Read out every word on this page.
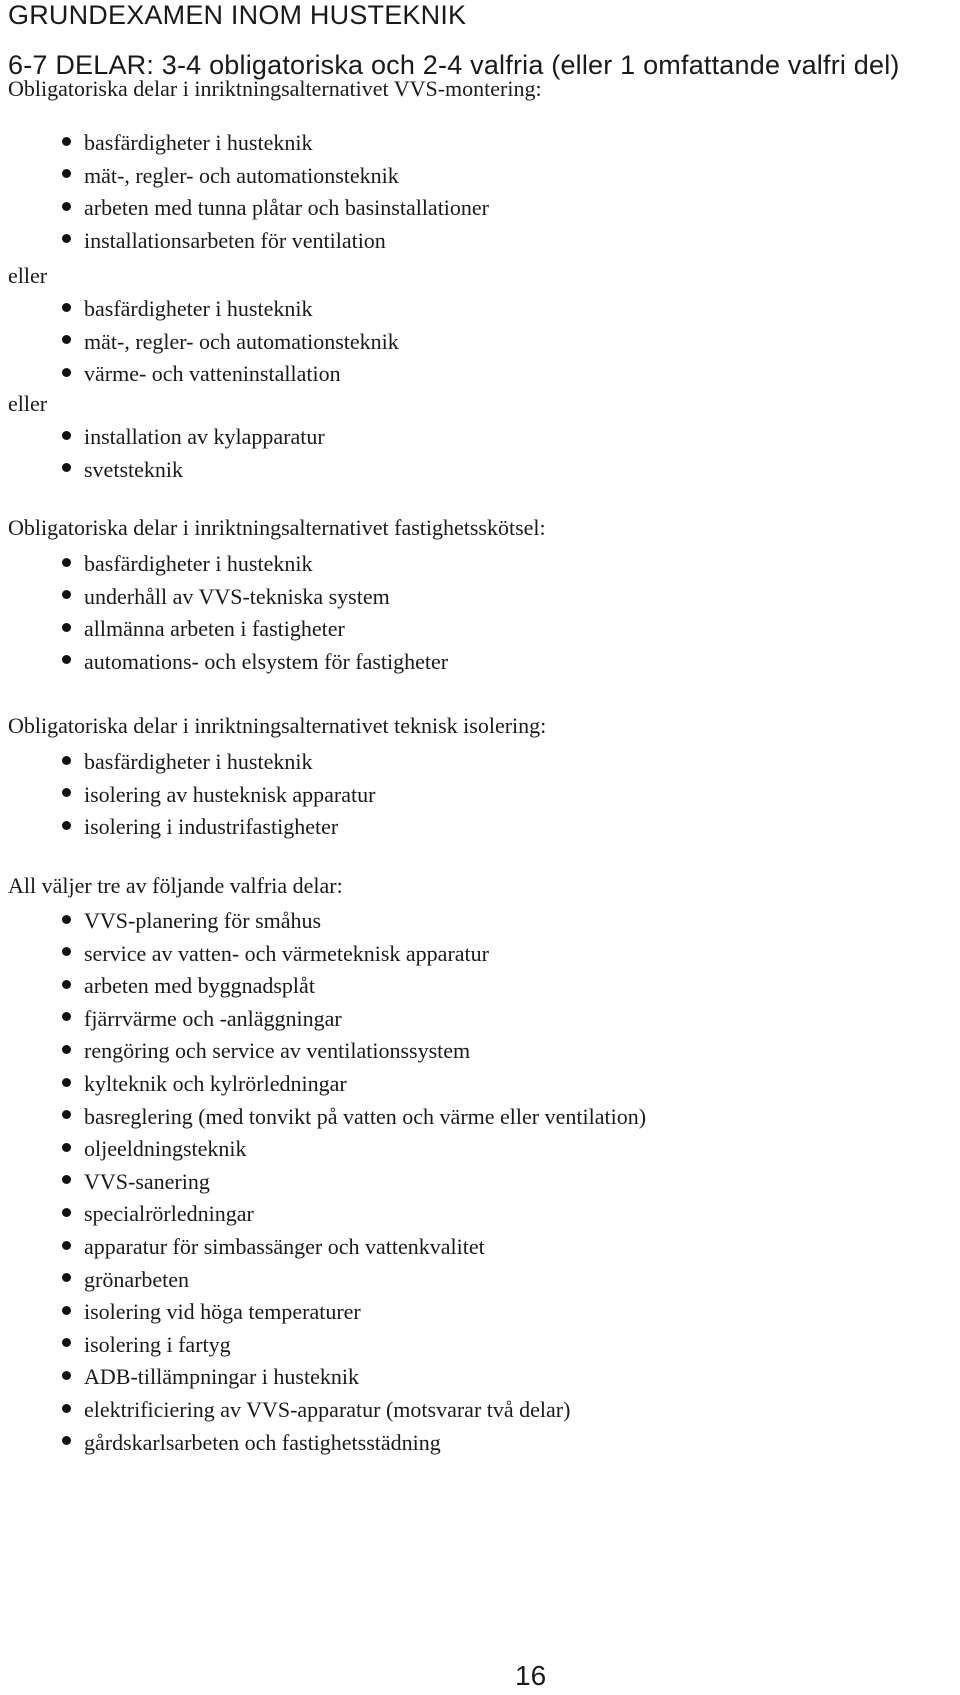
GRUNDEXAMEN INOM HUSTEKNIK
6-7 DELAR: 3-4 obligatoriska och 2-4 valfria (eller 1 omfattande valfri del)
Obligatoriska delar i inriktningsalternativet VVS-montering:
basfärdigheter i husteknik
mät-, regler- och automationsteknik
arbeten med tunna plåtar och basinstallationer
installationsarbeten för ventilation
eller
basfärdigheter i husteknik
mät-, regler- och automationsteknik
värme- och vatteninstallation
eller
installation av kylapparatur
svetsteknik
Obligatoriska delar i inriktningsalternativet fastighetsskötsel:
basfärdigheter i husteknik
underhåll av VVS-tekniska system
allmänna arbeten i fastigheter
automations- och elsystem för fastigheter
Obligatoriska delar i inriktningsalternativet teknisk isolering:
basfärdigheter i husteknik
isolering av husteknisk apparatur
isolering i industrifastigheter
All väljer tre av följande valfria delar:
VVS-planering för småhus
service av vatten- och värmeteknisk apparatur
arbeten med byggnadsplåt
fjärrvärme och -anläggningar
rengöring och service av ventilationssystem
kylteknik och kylrörledningar
basreglering (med tonvikt på vatten och värme eller ventilation)
oljeeldningsteknik
VVS-sanering
specialrörledningar
apparatur för simbassänger och vattenkvalitet
grönarbeten
isolering vid höga temperaturer
isolering i fartyg
ADB-tillämpningar i husteknik
elektrificiering av VVS-apparatur (motsvarar två delar)
gårdskarlsarbeten och fastighetsstädning
16
